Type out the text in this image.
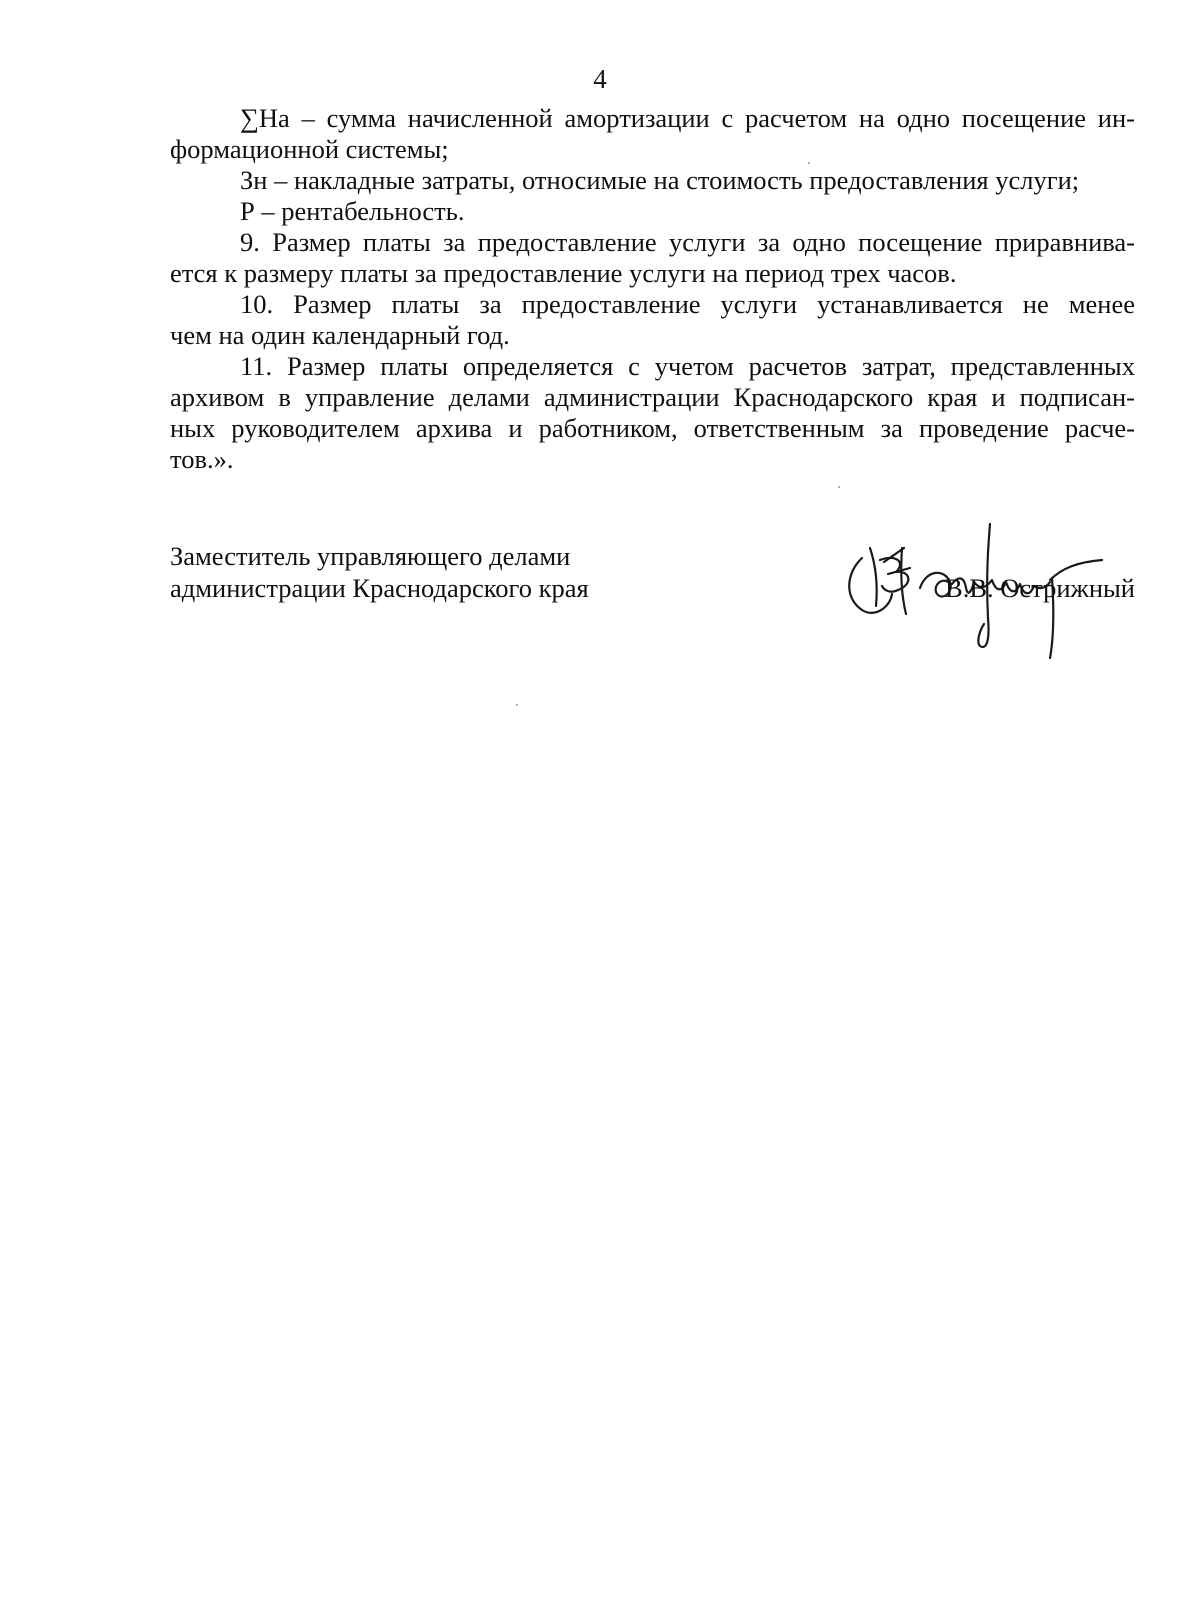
4

∑На – сумма начисленной амортизации с расчетом на одно посещение ин-
формационной системы;

Зн – накладные затраты, относимые на стоимость предоставления услуги;

Р – рентабельность.

9. Размер платы за предоставление услуги за одно посещение приравнива-
ется к размеру платы за предоставление услуги на период трех часов.

10. Размер платы за предоставление услуги устанавливается не менее
чем на один календарный год.

11. Размер платы определяется с учетом расчетов затрат, представленных
архивом в управление делами администрации Краснодарского края и подписан-
ных руководителем архива и работником, ответственным за проведение расче-
тов.».

Заместитель управляющего делами
администрации Краснодарского края	В.В. Острижный
